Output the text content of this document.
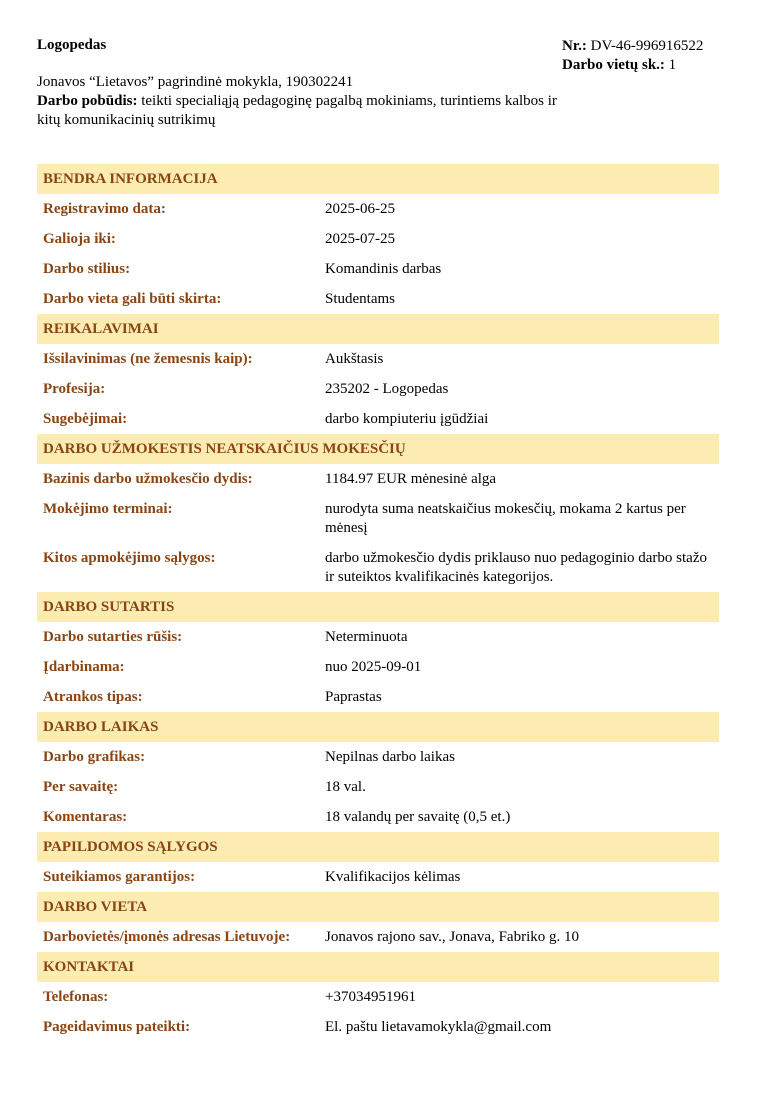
Logopedas	Nr.: DV-46-996916522
Darbo vietų sk.: 1
Jonavos “Lietavos” pagrindinė mokykla, 190302241
Darbo pobūdis: teikti specialiąją pedagoginę pagalbą mokiniams, turintiems kalbos ir kitų komunikacinių sutrikimų
BENDRA INFORMACIJA
Registravimo data:	2025-06-25
Galioja iki:	2025-07-25
Darbo stilius:	Komandinis darbas
Darbo vieta gali būti skirta:	Studentams
REIKALAVIMAI
Išsilavinimas (ne žemesnis kaip):	Aukštasis
Profesija:	235202 - Logopedas
Sugebėjimai:	darbo kompiuteriu įgūdžiai
DARBO UŽMOKESTIS NEATSKAIČIUS MOKESČIŲ
Bazinis darbo užmokesčio dydis:	1184.97 EUR mėnesinė alga
Mokėjimo terminai:	nurodyta suma neatskaičius mokesčių, mokama 2 kartus per mėnesį
Kitos apmokėjimo sąlygos:	darbo užmokesčio dydis priklauso nuo pedagoginio darbo stažo ir suteiktos kvalifikacinės kategorijos.
DARBO SUTARTIS
Darbo sutarties rūšis:	Neterminuota
Įdarbinama:	nuo 2025-09-01
Atrankos tipas:	Paprastas
DARBO LAIKAS
Darbo grafikas:	Nepilnas darbo laikas
Per savaitę:	18 val.
Komentaras:	18 valandų per savaitę (0,5 et.)
PAPILDOMOS SĄLYGOS
Suteikiamos garantijos:	Kvalifikacijos kėlimas
DARBO VIETA
Darbovietės/įmonės adresas Lietuvoje:	Jonavos rajono sav., Jonava, Fabriko g. 10
KONTAKTAI
Telefonas:	+37034951961
Pageidavimus pateikti:	El. paštu lietavamokykla@gmail.com
